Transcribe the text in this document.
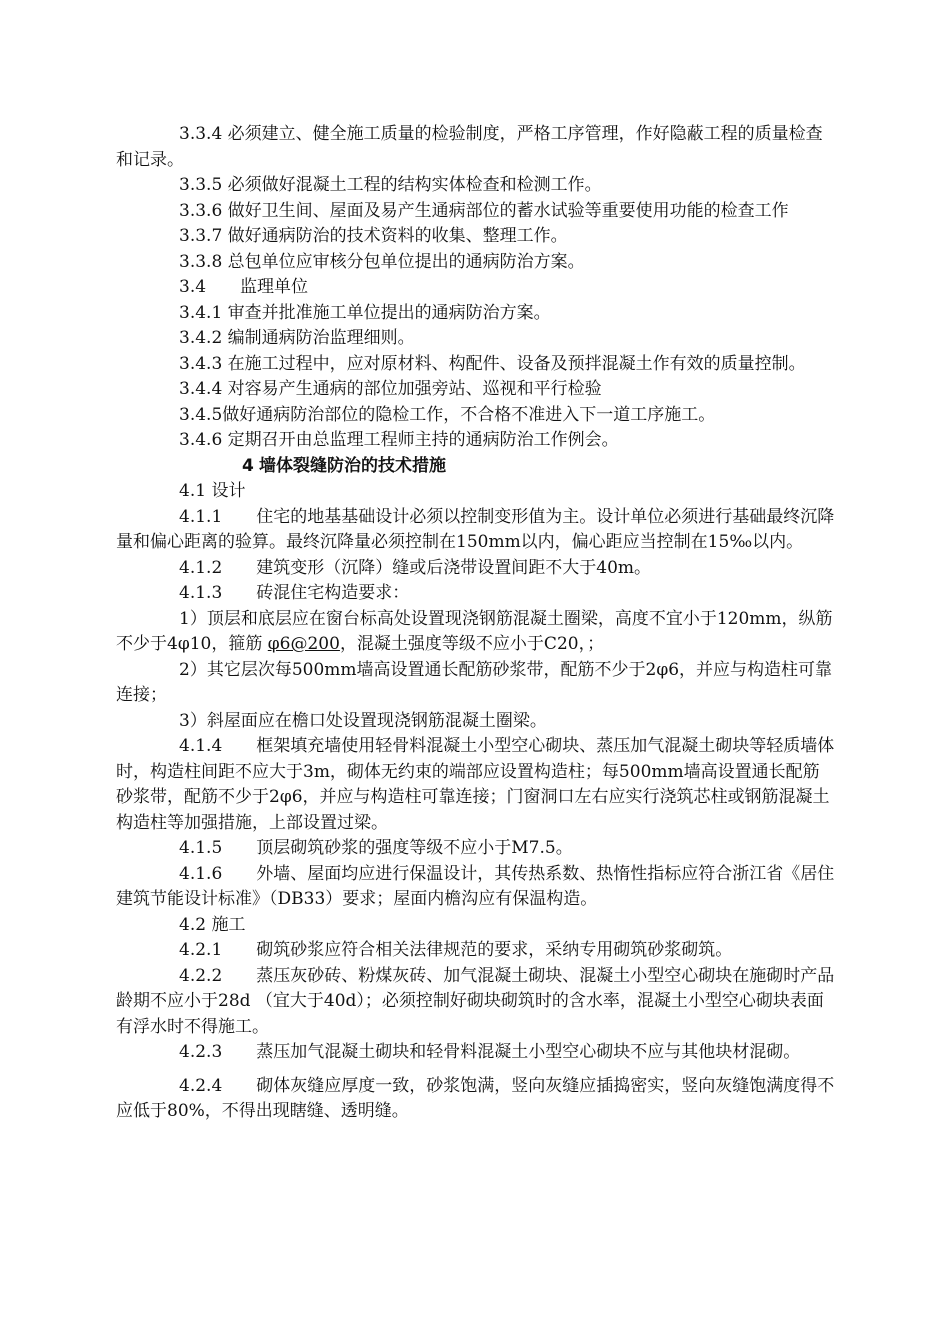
3.3.4 必须建立、健全施工质量的检验制度，严格工序管理，作好隐蔽工程的质量检查和记录。

3.3.5 必须做好混凝土工程的结构实体检查和检测工作。

3.3.6 做好卫生间、屋面及易产生通病部位的蓄水试验等重要使用功能的检查工作

3.3.7 做好通病防治的技术资料的收集、整理工作。

3.3.8 总包单位应审核分包单位提出的通病防治方案。

3.4　　监理单位

3.4.1 审查并批准施工单位提出的通病防治方案。

3.4.2 编制通病防治监理细则。

3.4.3 在施工过程中，应对原材料、构配件、设备及预拌混凝土作有效的质量控制。

3.4.4 对容易产生通病的部位加强旁站、巡视和平行检验

3.4.5做好通病防治部位的隐检工作，不合格不准进入下一道工序施工。

3.4.6 定期召开由总监理工程师主持的通病防治工作例会。

4 墙体裂缝防治的技术措施

4.1 设计

4.1.1　　住宅的地基基础设计必须以控制变形值为主。设计单位必须进行基础最终沉降量和偏心距离的验算。最终沉降量必须控制在150mm以内，偏心距应当控制在15‰以内。

4.1.2　　建筑变形（沉降）缝或后浇带设置间距不大于40m。

4.1.3　　砖混住宅构造要求：

1）顶层和底层应在窗台标高处设置现浇钢筋混凝土圈梁，高度不宜小于120mm，纵筋不少于4φ10，箍筋 φ6@200，混凝土强度等级不应小于C20，；

2）其它层次每500mm墙高设置通长配筋砂浆带，配筋不少于2φ6，并应与构造柱可靠连接；

3）斜屋面应在檐口处设置现浇钢筋混凝土圈梁。

4.1.4　　框架填充墙使用轻骨料混凝土小型空心砌块、蒸压加气混凝土砌块等轻质墙体时，构造柱间距不应大于3m，砌体无约束的端部应设置构造柱；每500mm墙高设置通长配筋砂浆带，配筋不少于2φ6，并应与构造柱可靠连接；门窗洞口左右应实行浇筑芯柱或钢筋混凝土构造柱等加强措施，上部设置过梁。

4.1.5　　顶层砌筑砂浆的强度等级不应小于M7.5。

4.1.6　　外墙、屋面均应进行保温设计，其传热系数、热惰性指标应符合浙江省《居住建筑节能设计标准》（DB33）要求；屋面内檐沟应有保温构造。

4.2 施工

4.2.1　　砌筑砂浆应符合相关法律规范的要求，采纳专用砌筑砂浆砌筑。

4.2.2　　蒸压灰砂砖、粉煤灰砖、加气混凝土砌块、混凝土小型空心砌块在施砌时产品龄期不应小于28d （宜大于40d）；必须控制好砌块砌筑时的含水率，混凝土小型空心砌块表面有浮水时不得施工。

4.2.3　　蒸压加气混凝土砌块和轻骨料混凝土小型空心砌块不应与其他块材混砌。

4.2.4　　砌体灰缝应厚度一致，砂浆饱满，竖向灰缝应插捣密实，竖向灰缝饱满度得不应低于80%，不得出现瞎缝、透明缝。
